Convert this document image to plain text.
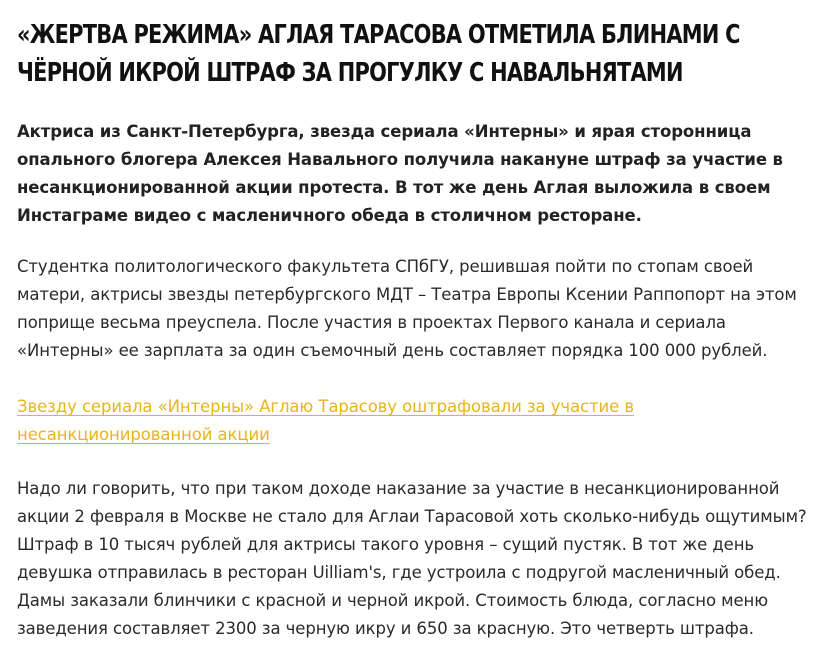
«ЖЕРТВА РЕЖИМА» АГЛАЯ ТАРАСОВА ОТМЕТИЛА БЛИНАМИ С ЧЁРНОЙ ИКРОЙ ШТРАФ ЗА ПРОГУЛКУ С НАВАЛЬНЯТАМИ

Актриса из Санкт-Петербурга, звезда сериала «Интерны» и ярая сторонница опального блогера Алексея Навального получила накануне штраф за участие в несанкционированной акции протеста. В тот же день Аглая выложила в своем Инстаграме видео с масленичного обеда в столичном ресторане.

Студентка политологического факультета СПбГУ, решившая пойти по стопам своей матери, актрисы звезды петербургского МДТ – Театра Европы Ксении Раппопорт на этом поприще весьма преуспела. После участия в проектах Первого канала и сериала «Интерны» ее зарплата за один съемочный день составляет порядка 100 000 рублей.

Звезду сериала «Интерны» Аглаю Тарасову оштрафовали за участие в несанкционированной акции

Надо ли говорить, что при таком доходе наказание за участие в несанкционированной акции 2 февраля в Москве не стало для Аглаи Тарасовой хоть сколько-нибудь ощутимым? Штраф в 10 тысяч рублей для актрисы такого уровня – сущий пустяк. В тот же день девушка отправилась в ресторан Uilliam's, где устроила с подругой масленичный обед. Дамы заказали блинчики с красной и черной икрой. Стоимость блюда, согласно меню заведения составляет 2300 за черную икру и 650 за красную. Это четверть штрафа.
